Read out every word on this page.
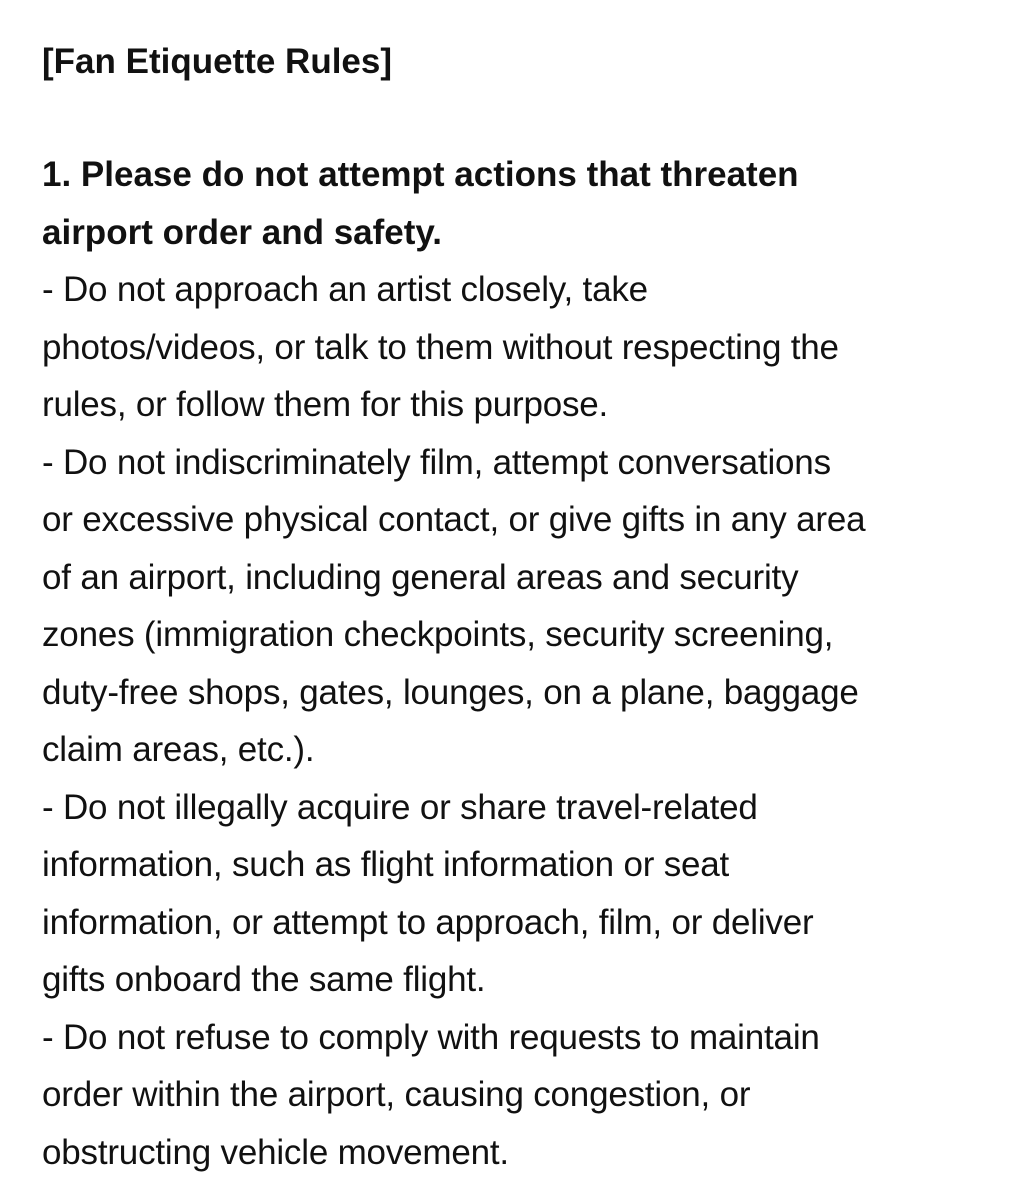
[Fan Etiquette Rules]
1. Please do not attempt actions that threaten
airport order and safety.

- Do not approach an artist closely, take
photos/videos, or talk to them without respecting the
rules, or follow them for this purpose.

- Do not indiscriminately film, attempt conversations
or excessive physical contact, or give gifts in any area
of an airport, including general areas and security
zones (immigration checkpoints, security screening,
duty-free shops, gates, lounges, on a plane, baggage
claim areas, etc.).

- Do not illegally acquire or share travel-related
information, such as flight information or seat
information, or attempt to approach, film, or deliver
gifts onboard the same flight.

- Do not refuse to comply with requests to maintain
order within the airport, causing congestion, or
obstructing vehicle movement.
